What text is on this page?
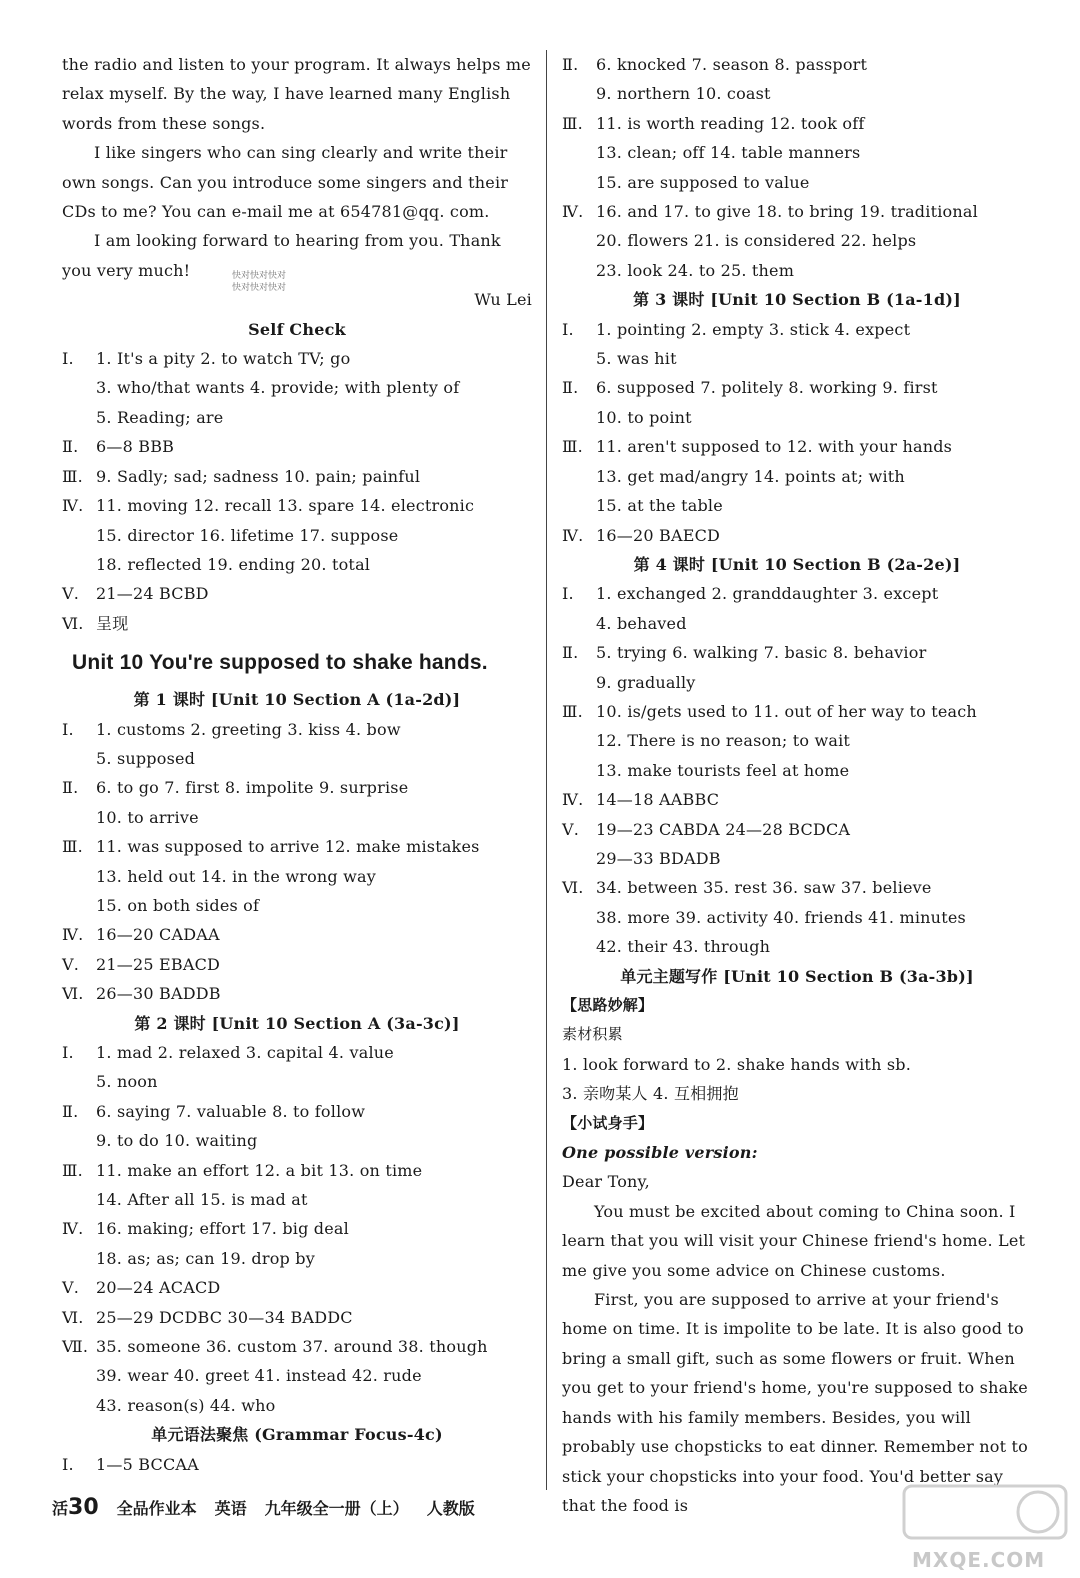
the radio and listen to your program. It always helps me relax myself. By the way, I have learned many English words from these songs.

I like singers who can sing clearly and write their own songs. Can you introduce some singers and their CDs to me? You can e-mail me at 654781@qq. com.

I am looking forward to hearing from you. Thank you very much!

Wu Lei

Self Check

Ⅰ.	1. It's a pity 2. to watch TV; go
3. who/that wants 4. provide; with plenty of
5. Reading; are
Ⅱ.	6—8 BBB
Ⅲ. 9. Sadly; sad; sadness 10. pain; painful
Ⅳ. 11. moving 12. recall 13. spare 14. electronic
15. director 16. lifetime 17. suppose
18. reflected 19. ending 20. total
Ⅴ.	21—24 BCBD
Ⅵ. 呈现
Unit 10 You're supposed to shake hands.

第 1 课时 [Unit 10 Section A (1a-2d)]

Ⅰ.	1. customs 2. greeting 3. kiss 4. bow
5. supposed
Ⅱ.	6. to go 7. first 8. impolite 9. surprise
10. to arrive
Ⅲ. 11. was supposed to arrive 12. make mistakes
13. held out 14. in the wrong way
15. on both sides of
Ⅳ. 16—20 CADAA
Ⅴ.	21—25 EBACD
Ⅵ. 26—30 BADDB

第 2 课时 [Unit 10 Section A (3a-3c)]

Ⅰ.	1. mad 2. relaxed 3. capital 4. value
5. noon
Ⅱ.	6. saying 7. valuable 8. to follow
9. to do 10. waiting
Ⅲ. 11. make an effort 12. a bit 13. on time
14. After all 15. is mad at
Ⅳ. 16. making; effort 17. big deal
18. as; as; can 19. drop by
Ⅴ.	20—24 ACACD
Ⅵ. 25—29 DCDBC 30—34 BADDC
Ⅶ. 35. someone 36. custom 37. around 38. though
39. wear 40. greet 41. instead 42. rude
43. reason(s) 44. who

单元语法聚焦 (Grammar Focus-4c)

Ⅰ.	1—5 BCCAA
Ⅱ.	6. knocked 7. season 8. passport
9. northern 10. coast
Ⅲ. 11. is worth reading 12. took off
13. clean; off 14. table manners
15. are supposed to value
Ⅳ. 16. and 17. to give 18. to bring 19. traditional
20. flowers 21. is considered 22. helps
23. look 24. to 25. them

第 3 课时 [Unit 10 Section B (1a-1d)]

Ⅰ.	1. pointing 2. empty 3. stick 4. expect
5. was hit
Ⅱ.	6. supposed 7. politely 8. working 9. first
10. to point
Ⅲ. 11. aren't supposed to 12. with your hands
13. get mad/angry 14. points at; with
15. at the table
Ⅳ. 16—20 BAECD

第 4 课时 [Unit 10 Section B (2a-2e)]

Ⅰ.	1. exchanged 2. granddaughter 3. except
4. behaved
Ⅱ.	5. trying 6. walking 7. basic 8. behavior
9. gradually
Ⅲ. 10. is/gets used to 11. out of her way to teach
12. There is no reason; to wait
13. make tourists feel at home
Ⅳ. 14—18 AABBC
Ⅴ.	19—23 CABDA 24—28 BCDCA
29—33 BDADB
Ⅵ. 34. between 35. rest 36. saw 37. believe
38. more 39. activity 40. friends 41. minutes
42. their 43. through

单元主题写作 [Unit 10 Section B (3a-3b)]

【思路妙解】

素材积累

1. look forward to 2. shake hands with sb.

3. 亲吻某人 4. 互相拥抱

【小试身手】

One possible version:

Dear Tony,

You must be excited about coming to China soon. I learn that you will visit your Chinese friend's home. Let me give you some advice on Chinese customs.

First, you are supposed to arrive at your friend's home on time. It is impolite to be late. It is also good to bring a small gift, such as some flowers or fruit. When you get to your friend's home, you're supposed to shake hands with his family members. Besides, you will probably use chopsticks to eat dinner. Remember not to stick your chopsticks into your food. You'd better say that the food is

快对快对快对
快对快对快对
活30 全品作业本 英语 九年级全一册（上） 人教版
MXQE.COM
